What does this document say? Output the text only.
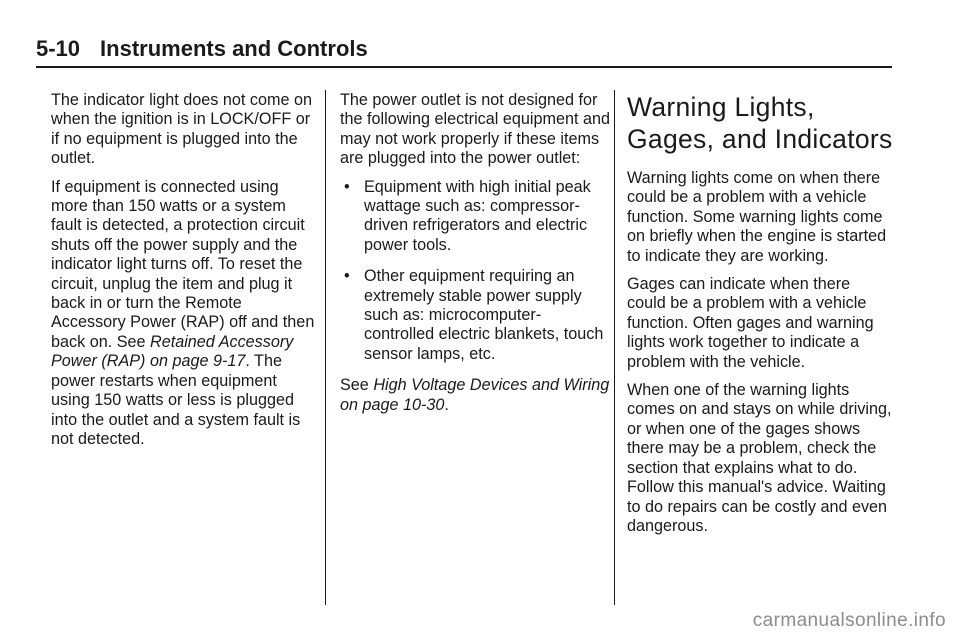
5-10 Instruments and Controls

The indicator light does not come on when the ignition is in LOCK/OFF or if no equipment is plugged into the outlet.

If equipment is connected using more than 150 watts or a system fault is detected, a protection circuit shuts off the power supply and the indicator light turns off. To reset the circuit, unplug the item and plug it back in or turn the Remote Accessory Power (RAP) off and then back on. See Retained Accessory Power (RAP) on page 9-17. The power restarts when equipment using 150 watts or less is plugged into the outlet and a system fault is not detected.

The power outlet is not designed for the following electrical equipment and may not work properly if these items are plugged into the power outlet:

• Equipment with high initial peak wattage such as: compressor-driven refrigerators and electric power tools.
• Other equipment requiring an extremely stable power supply such as: microcomputer-controlled electric blankets, touch sensor lamps, etc.

See High Voltage Devices and Wiring on page 10-30.

Warning Lights, Gages, and Indicators

Warning lights come on when there could be a problem with a vehicle function. Some warning lights come on briefly when the engine is started to indicate they are working.

Gages can indicate when there could be a problem with a vehicle function. Often gages and warning lights work together to indicate a problem with the vehicle.

When one of the warning lights comes on and stays on while driving, or when one of the gages shows there may be a problem, check the section that explains what to do. Follow this manual's advice. Waiting to do repairs can be costly and even dangerous.

carmanualsonline.info
